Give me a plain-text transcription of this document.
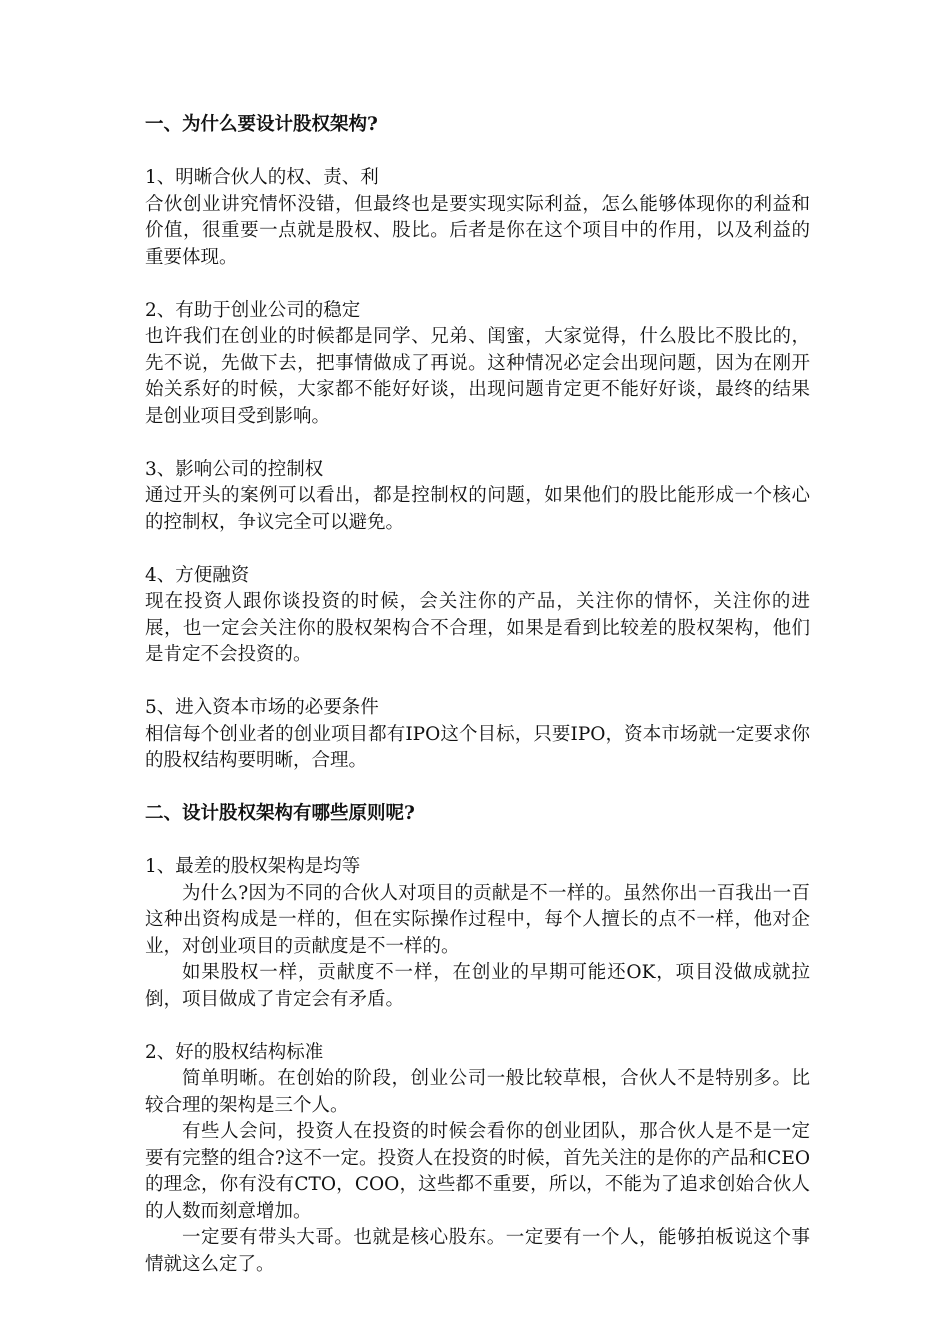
一、为什么要设计股权架构?

1、明晰合伙人的权、责、利

合伙创业讲究情怀没错，但最终也是要实现实际利益，怎么能够体现你的利益和价值，很重要一点就是股权、股比。后者是你在这个项目中的作用，以及利益的重要体现。

2、有助于创业公司的稳定

也许我们在创业的时候都是同学、兄弟、闺蜜，大家觉得，什么股比不股比的，先不说，先做下去，把事情做成了再说。这种情况必定会出现问题，因为在刚开始关系好的时候，大家都不能好好谈，出现问题肯定更不能好好谈，最终的结果是创业项目受到影响。

3、影响公司的控制权

通过开头的案例可以看出，都是控制权的问题，如果他们的股比能形成一个核心的控制权，争议完全可以避免。

4、方便融资

现在投资人跟你谈投资的时候，会关注你的产品，关注你的情怀，关注你的进展，也一定会关注你的股权架构合不合理，如果是看到比较差的股权架构，他们是肯定不会投资的。

5、进入资本市场的必要条件

相信每个创业者的创业项目都有IPO这个目标，只要IPO，资本市场就一定要求你的股权结构要明晰，合理。

二、设计股权架构有哪些原则呢?

1、最差的股权架构是均等

为什么?因为不同的合伙人对项目的贡献是不一样的。虽然你出一百我出一百这种出资构成是一样的，但在实际操作过程中，每个人擅长的点不一样，他对企业，对创业项目的贡献度是不一样的。

如果股权一样，贡献度不一样，在创业的早期可能还OK，项目没做成就拉倒，项目做成了肯定会有矛盾。

2、好的股权结构标准

简单明晰。在创始的阶段，创业公司一般比较草根，合伙人不是特别多。比较合理的架构是三个人。

有些人会问，投资人在投资的时候会看你的创业团队，那合伙人是不是一定要有完整的组合?这不一定。投资人在投资的时候，首先关注的是你的产品和CEO的理念，你有没有CTO，COO，这些都不重要，所以，不能为了追求创始合伙人的人数而刻意增加。

一定要有带头大哥。也就是核心股东。一定要有一个人，能够拍板说这个事情就这么定了。
